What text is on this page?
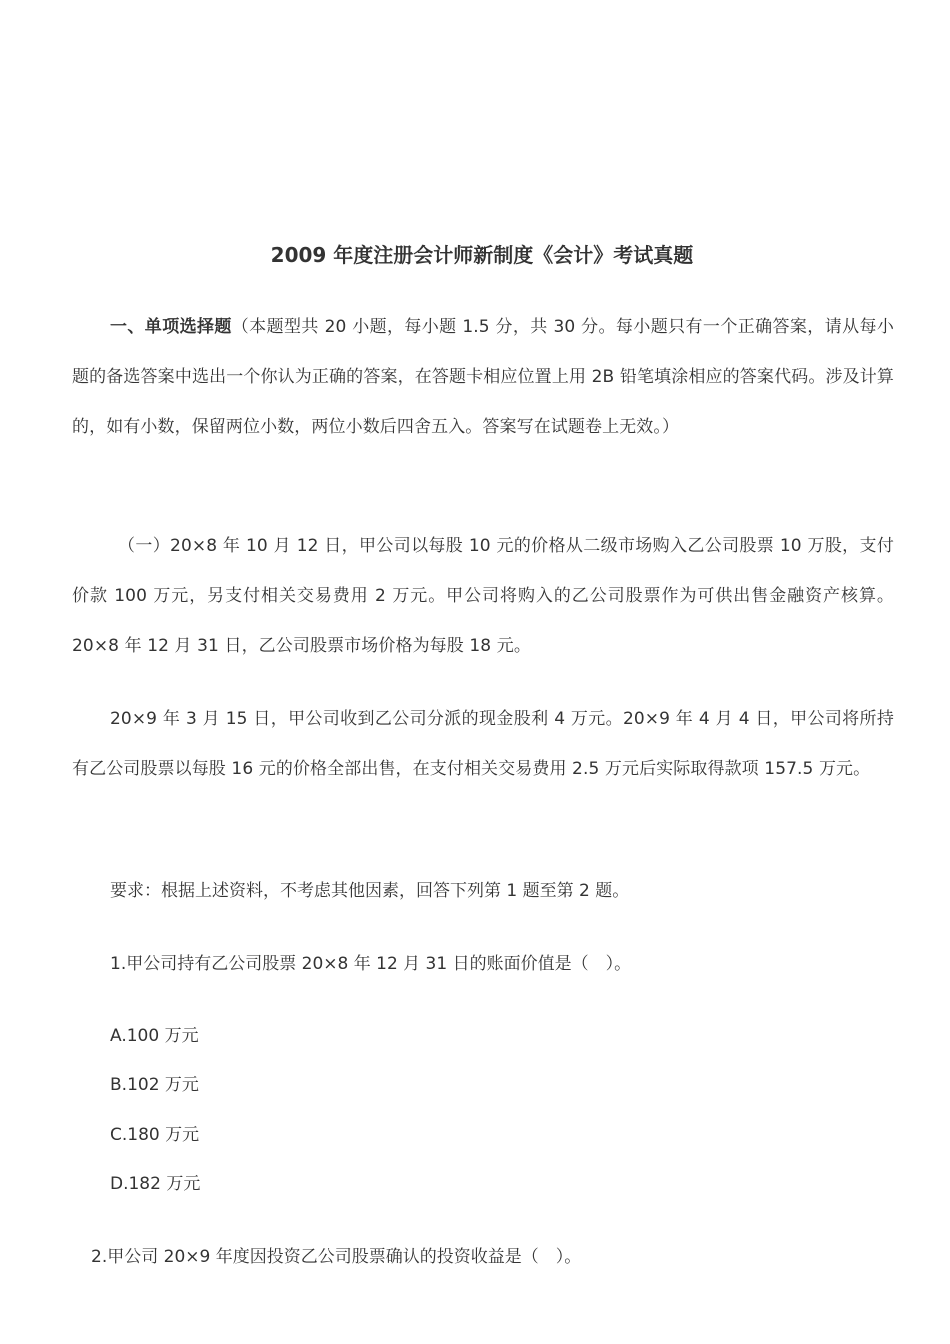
2009 年度注册会计师新制度《会计》考试真题
一、单项选择题（本题型共 20 小题，每小题 1.5 分，共 30 分。每小题只有一个正确答案，请从每小题的备选答案中选出一个你认为正确的答案，在答题卡相应位置上用 2B 铅笔填涂相应的答案代码。涉及计算的，如有小数，保留两位小数，两位小数后四舍五入。答案写在试题卷上无效。）
（一）20×8 年 10 月 12 日，甲公司以每股 10 元的价格从二级市场购入乙公司股票 10 万股，支付价款 100 万元，另支付相关交易费用 2 万元。甲公司将购入的乙公司股票作为可供出售金融资产核算。20×8 年 12 月 31 日，乙公司股票市场价格为每股 18 元。
20×9 年 3 月 15 日，甲公司收到乙公司分派的现金股利 4 万元。20×9 年 4 月 4 日，甲公司将所持有乙公司股票以每股 16 元的价格全部出售，在支付相关交易费用 2.5 万元后实际取得款项 157.5 万元。
要求：根据上述资料，不考虑其他因素，回答下列第 1 题至第 2 题。
1.甲公司持有乙公司股票 20×8 年 12 月 31 日的账面价值是（　）。
A.100 万元
B.102 万元
C.180 万元
D.182 万元
2.甲公司 20×9 年度因投资乙公司股票确认的投资收益是（　）。
